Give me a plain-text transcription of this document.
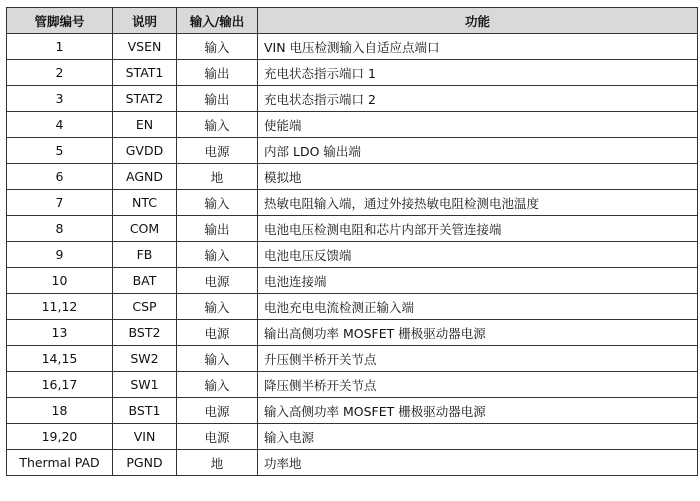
管脚编号	说明	输入/输出	功能
1	VSEN	输入	VIN 电压检测输入自适应点端口
2	STAT1	输出	充电状态指示端口 1
3	STAT2	输出	充电状态指示端口 2
4	EN	输入	使能端
5	GVDD	电源	内部 LDO 输出端
6	AGND	地	模拟地
7	NTC	输入	热敏电阻输入端，通过外接热敏电阻检测电池温度
8	COM	输出	电池电压检测电阻和芯片内部开关管连接端
9	FB	输入	电池电压反馈端
10	BAT	电源	电池连接端
11,12	CSP	输入	电池充电电流检测正输入端
13	BST2	电源	输出高侧功率 MOSFET 栅极驱动器电源
14,15	SW2	输入	升压侧半桥开关节点
16,17	SW1	输入	降压侧半桥开关节点
18	BST1	电源	输入高侧功率 MOSFET 栅极驱动器电源
19,20	VIN	电源	输入电源
Thermal PAD	PGND	地	功率地
